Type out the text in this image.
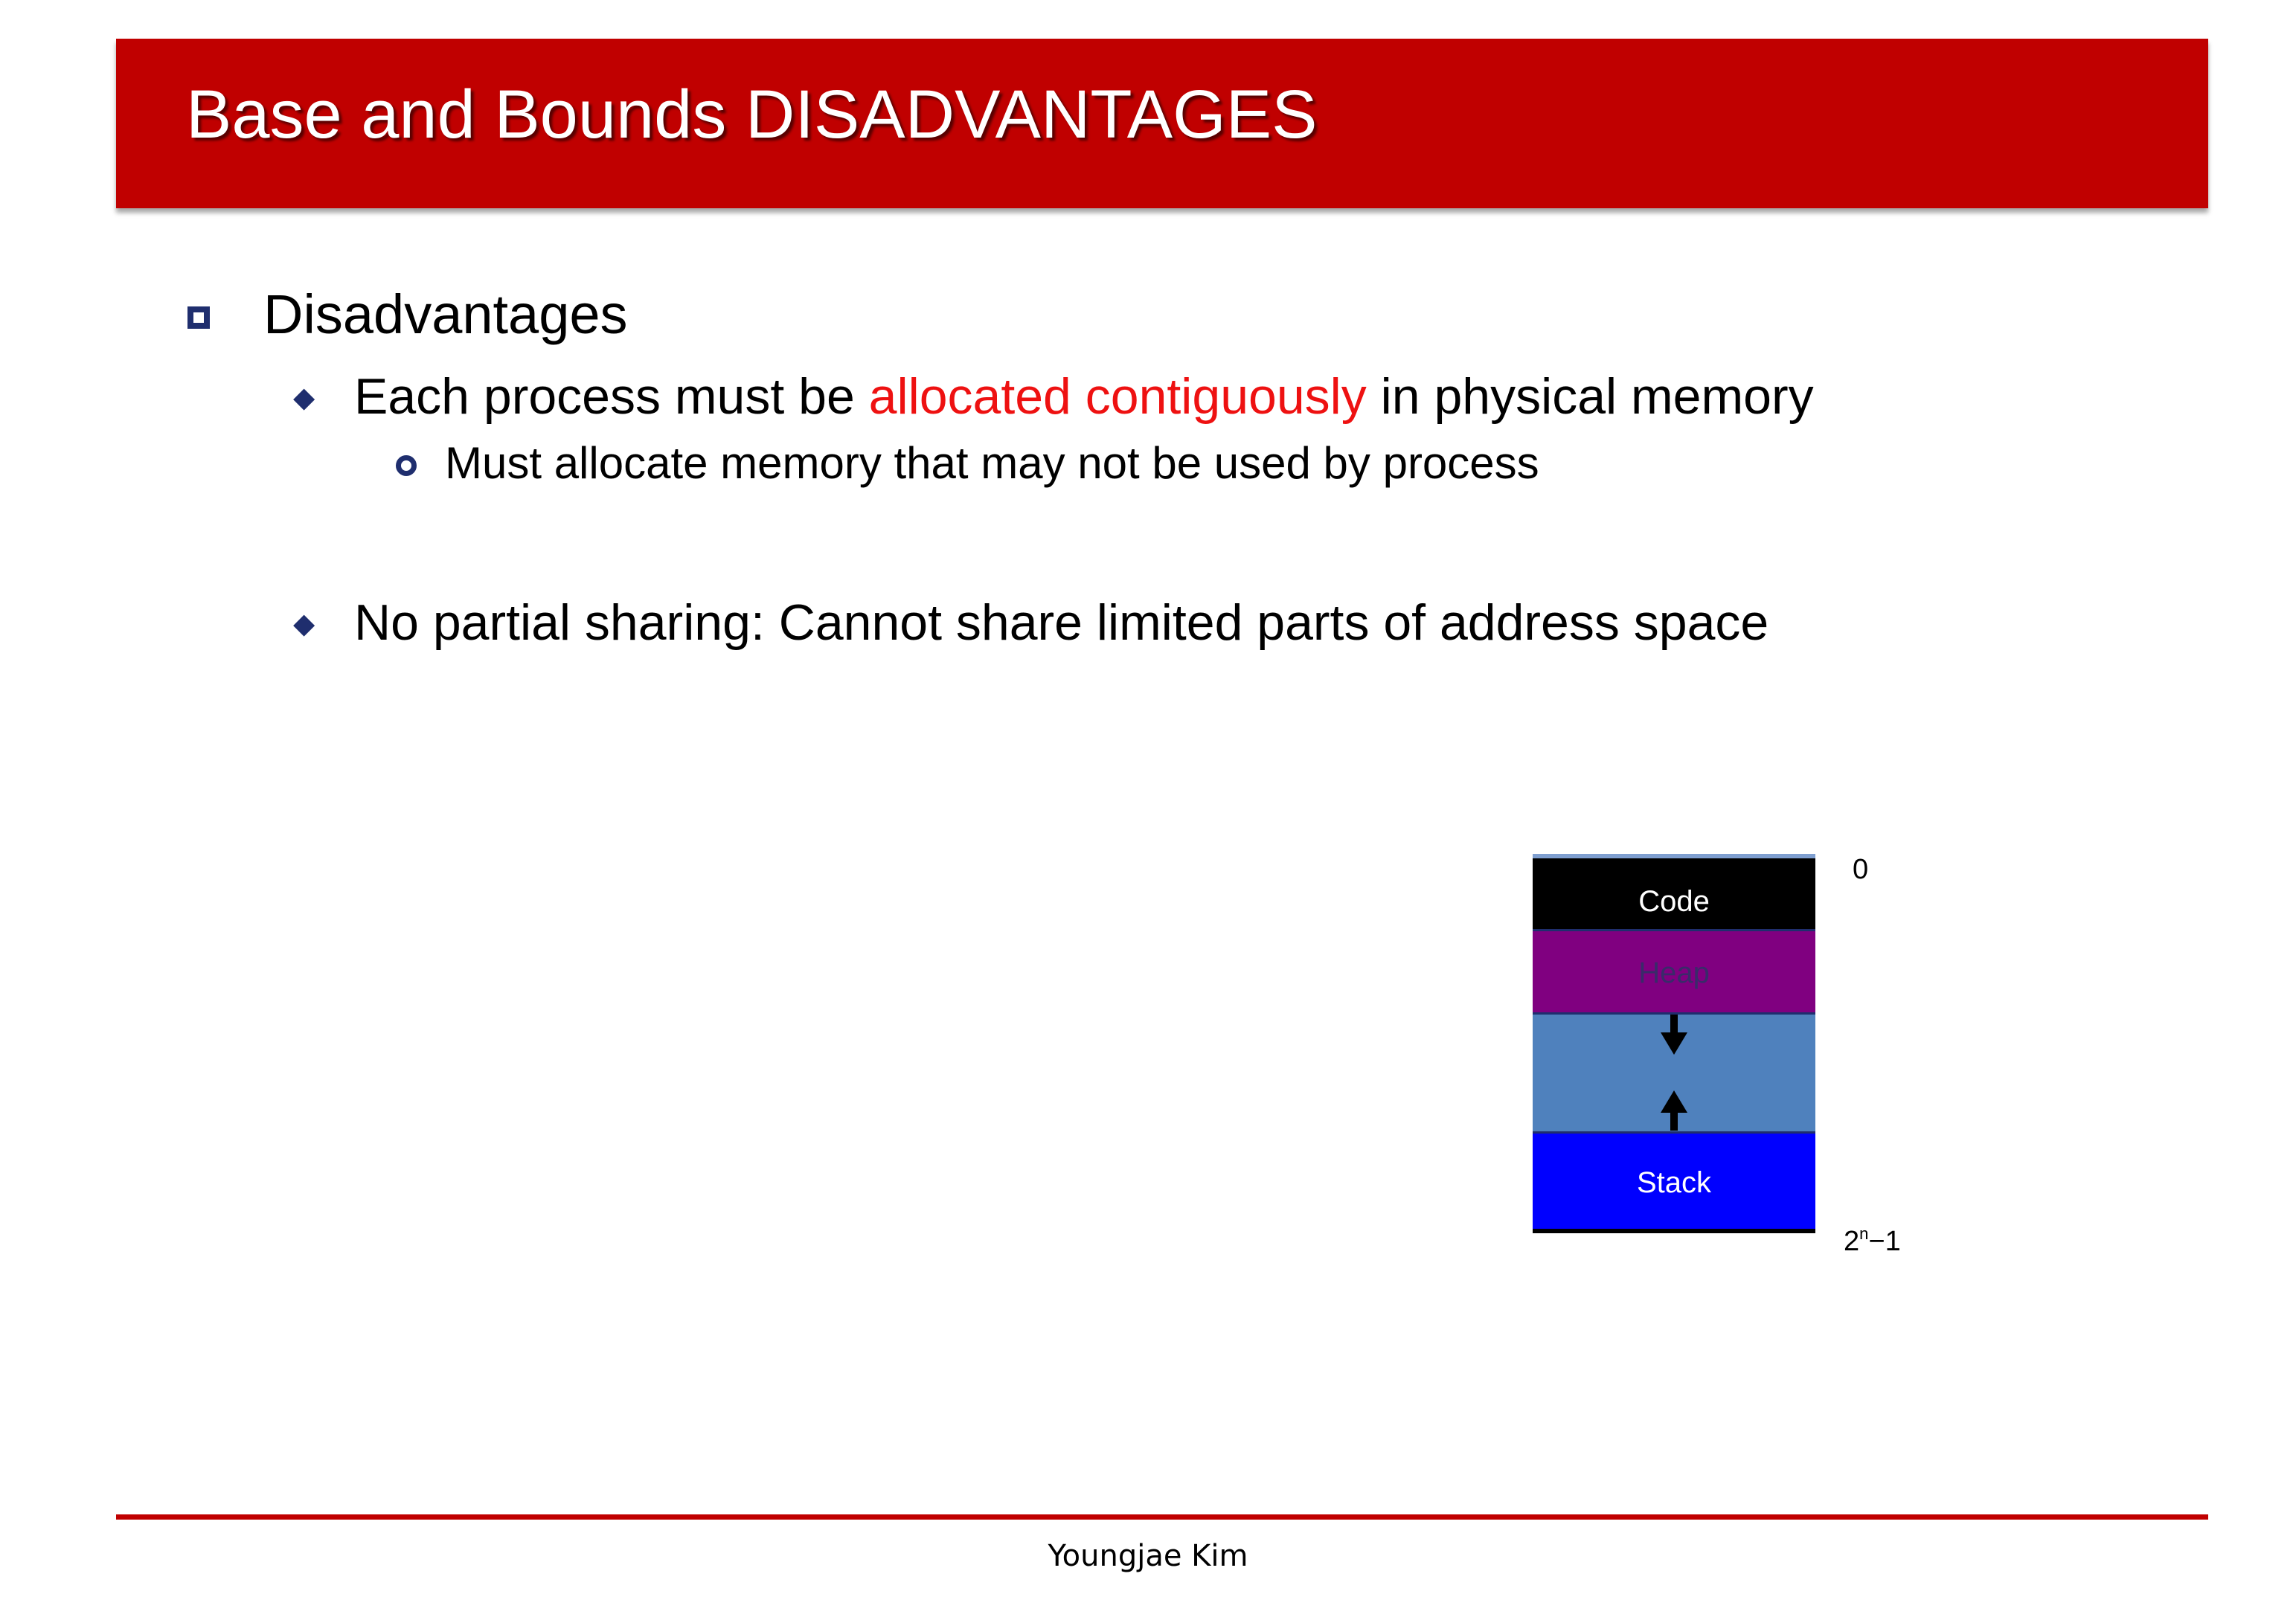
Base and Bounds DISADVANTAGES
Disadvantages
◆ Each process must be allocated contiguously in physical memory
Must allocate memory that may not be used by process
◆ No partial sharing: Cannot share limited parts of address space
Code
Heap
Stack
0
$2^n-1$
Youngjae Kim
